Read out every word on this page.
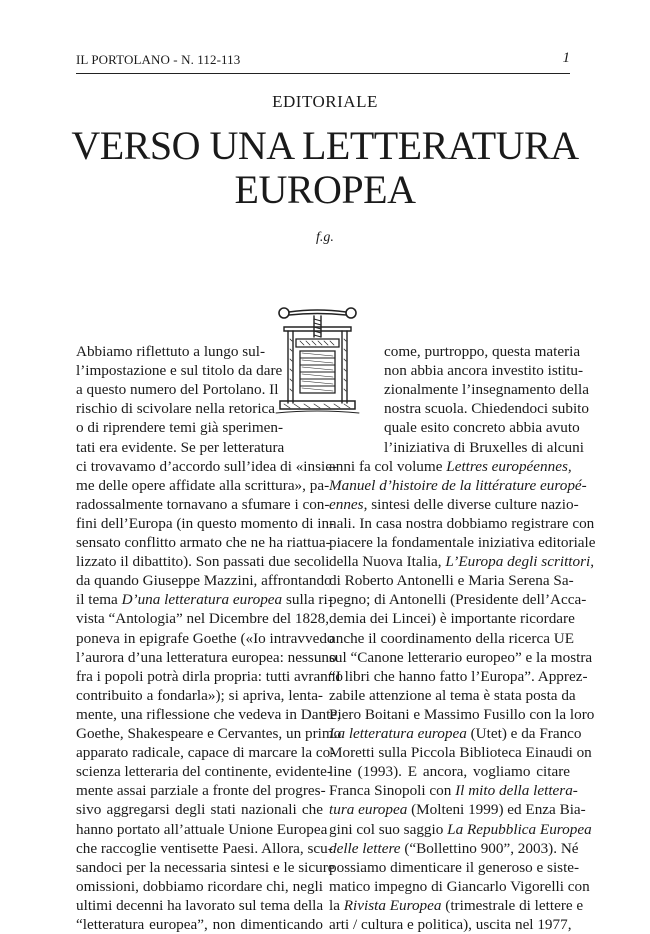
IL PORTOLANO - N. 112-113	1
EDITORIALE
VERSO UNA LETTERATURA
EUROPEA
f.g.
Abbiamo riflettuto a lungo sul-
l’impostazione e sul titolo da dare
a questo numero del Portolano. Il
rischio di scivolare nella retorica
o di riprendere temi già sperimen-
tati era evidente. Se per letteratura
ci trovavamo d’accordo sull’idea di «insie-
me delle opere affidate alla scrittura», pa-
radossalmente tornavano a sfumare i con-
fini dell’Europa (in questo momento di in-
sensato conflitto armato che ne ha riattua-
lizzato il dibattito). Son passati due secoli
da quando Giuseppe Mazzini, affrontando
il tema D’una letteratura europea sulla ri-
vista “Antologia” nel Dicembre del 1828,
poneva in epigrafe Goethe («Io intravvedo
l’aurora d’una letteratura europea: nessuno
fra i popoli potrà dirla propria: tutti avranno
contribuito a fondarla»); si apriva, lenta-
mente, una riflessione che vedeva in Dante,
Goethe, Shakespeare e Cervantes, un primo
apparato radicale, capace di marcare la co-
scienza letteraria del continente, evidente-
mente assai parziale a fronte del progres-
sivo aggregarsi degli stati nazionali che
hanno portato all’attuale Unione Europea
che raccoglie ventisette Paesi. Allora, scu-
sandoci per la necessaria sintesi e le sicure
omissioni, dobbiamo ricordare chi, negli
ultimi decenni ha lavorato sul tema della
“letteratura europea”, non dimenticando
come, purtroppo, questa materia
non abbia ancora investito istitu-
zionalmente l’insegnamento della
nostra scuola. Chiedendoci subito
quale esito concreto abbia avuto
l’iniziativa di Bruxelles di alcuni
anni fa col volume Lettres européennes,
Manuel d’histoire de la littérature europé-
ennes, sintesi delle diverse culture nazio-
nali. In casa nostra dobbiamo registrare con
piacere la fondamentale iniziativa editoriale
della Nuova Italia, L’Europa degli scrittori,
di Roberto Antonelli e Maria Serena Sa-
pegno; di Antonelli (Presidente dell’Acca-
demia dei Lincei) è importante ricordare
anche il coordinamento della ricerca UE
sul “Canone letterario europeo” e la mostra
“I libri che hanno fatto l’Europa”. Apprez-
zabile attenzione al tema è stata posta da
Piero Boitani e Massimo Fusillo con la loro
La letteratura europea (Utet) e da Franco
Moretti sulla Piccola Biblioteca Einaudi on
line (1993). E ancora, vogliamo citare
Franca Sinopoli con Il mito della lettera-
tura europea (Molteni 1999) ed Enza Bia-
gini col suo saggio La Repubblica Europea
delle lettere (“Bollettino 900”, 2003). Né
possiamo dimenticare il generoso e siste-
matico impegno di Giancarlo Vigorelli con
la Rivista Europea (trimestrale di lettere e
arti / cultura e politica), uscita nel 1977,
